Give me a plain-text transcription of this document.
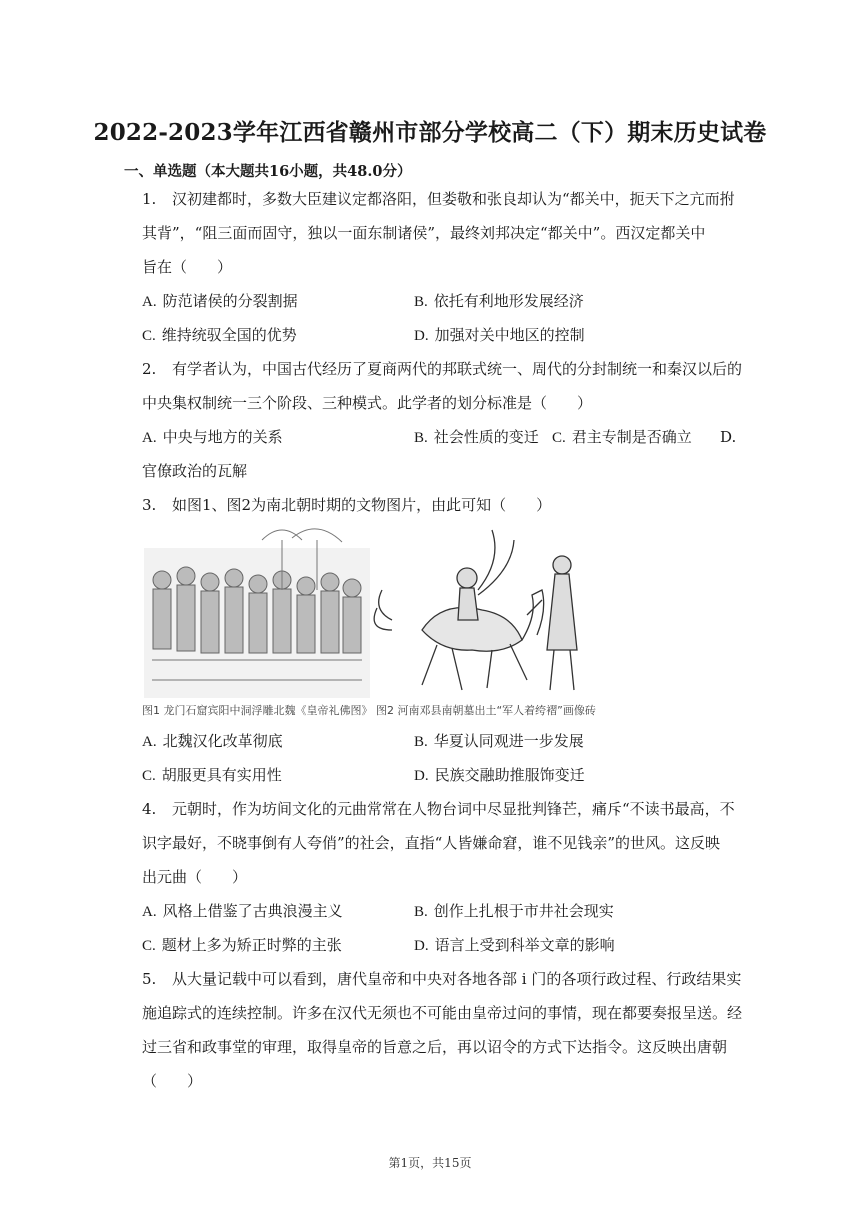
2022-2023学年江西省赣州市部分学校高二（下）期末历史试卷
一、单选题（本大题共16小题，共48.0分）
1. 汉初建都时，多数大臣建议定都洛阳，但娄敬和张良却认为“都关中，扼天下之亢而拊
其背”，“阻三面而固守，独以一面东制诸侯”，最终刘邦决定“都关中”。西汉定都关中
旨在（　　）
A. 防范诸侯的分裂割据	B. 依托有利地形发展经济
C. 维持统驭全国的优势	D. 加强对关中地区的控制
2. 有学者认为，中国古代经历了夏商两代的邦联式统一、周代的分封制统一和秦汉以后的
中央集权制统一三个阶段、三种模式。此学者的划分标准是（　　）
A. 中央与地方的关系	B. 社会性质的变迁 C. 君主专制是否确立 D.
官僚政治的瓦解
3. 如图1、图2为南北朝时期的文物图片，由此可知（　　）
图1 龙门石窟宾阳中洞浮雕北魏《皇帝礼佛图》 图2 河南邓县南朝墓出土“军人着绔褶”画像砖
A. 北魏汉化改革彻底	B. 华夏认同观进一步发展
C. 胡服更具有实用性	D. 民族交融助推服饰变迁
4. 元朝时，作为坊间文化的元曲常常在人物台词中尽显批判锋芒，痛斥“不读书最高，不
识字最好，不晓事倒有人夸俏”的社会，直指“人皆嫌命窘，谁不见钱亲”的世风。这反映
出元曲（　　）
A. 风格上借鉴了古典浪漫主义	B. 创作上扎根于市井社会现实
C. 题材上多为矫正时弊的主张	D. 语言上受到科举文章的影响
5. 从大量记载中可以看到，唐代皇帝和中央对各地各部 i 门的各项行政过程、行政结果实
施追踪式的连续控制。许多在汉代无须也不可能由皇帝过问的事情，现在都要奏报呈送。经
过三省和政事堂的审理，取得皇帝的旨意之后，再以诏令的方式下达指令。这反映出唐朝
（　　）
第1页，共15页
